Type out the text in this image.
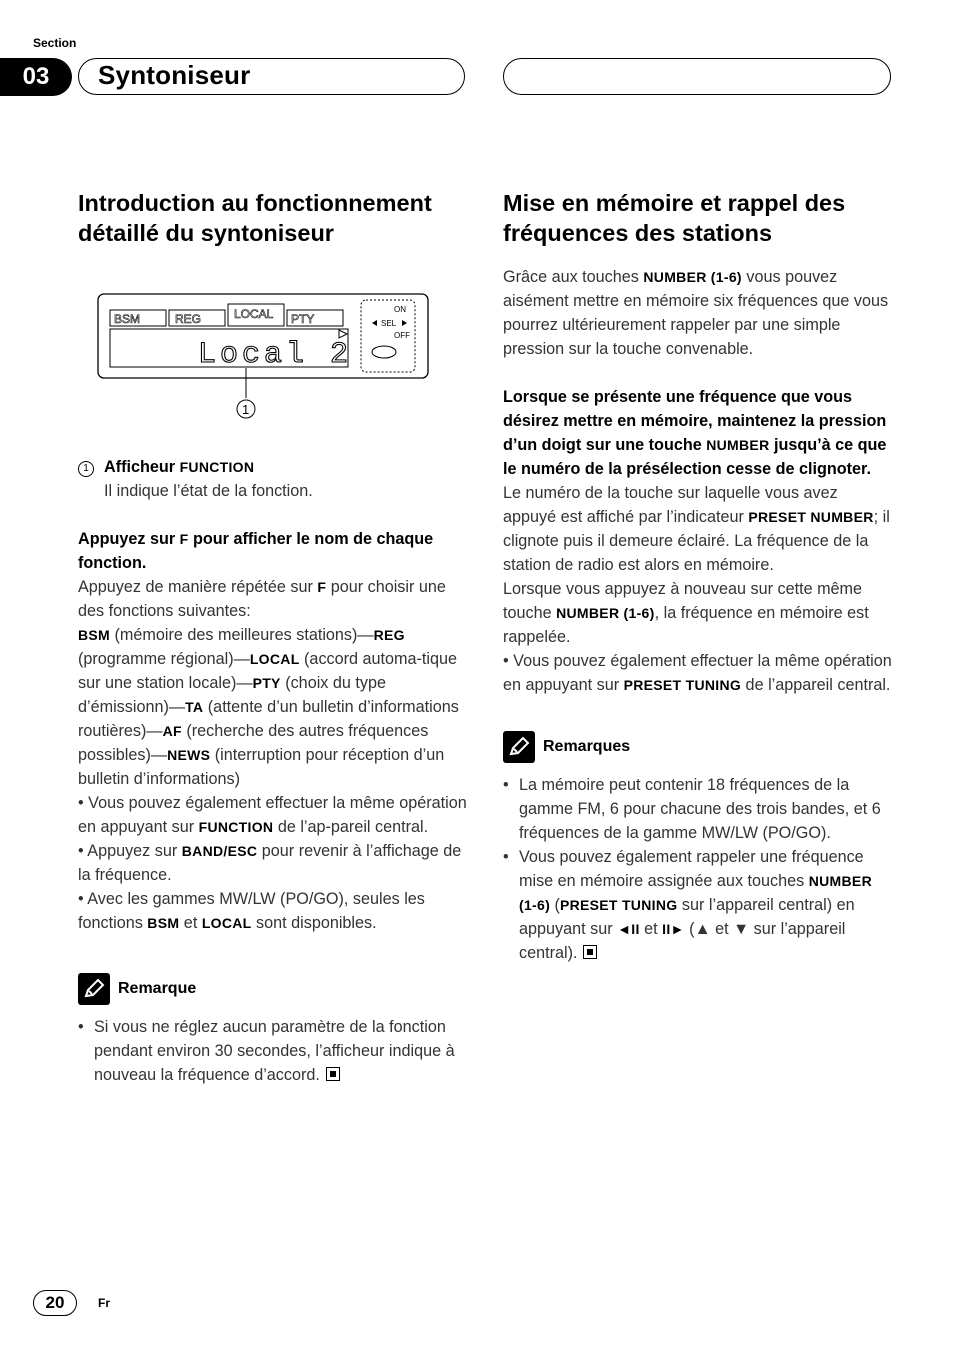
Section
03	Syntoniseur
Introduction au fonctionnement détaillé du syntoniseur
BSM	REG	LOCAL PTY
Local 2
ON
SEL
OFF
1

1 Afficheur FUNCTION

Il indique l’état de la fonction.

Appuyez sur F pour afficher le nom de chaque fonction.

Appuyez de manière répétée sur F pour choisir une des fonctions suivantes:

BSM (mémoire des meilleures stations)—REG (programme régional)—LOCAL (accord automa-tique sur une station locale)—PTY (choix du type d’émissionn)—TA (attente d’un bulletin d’informations routières)—AF (recherche des autres fréquences possibles)—NEWS (interruption pour réception d’un bulletin d’informations)

• Vous pouvez également effectuer la même opération en appuyant sur FUNCTION de l’ap-pareil central.

• Appuyez sur BAND/ESC pour revenir à l’affichage de la fréquence.

• Avec les gammes MW/LW (PO/GO), seules les fonctions BSM et LOCAL sont disponibles.

Remarque

• Si vous ne réglez aucun paramètre de la fonction pendant environ 30 secondes, l’afficheur indique à nouveau la fréquence d’accord.

Mise en mémoire et rappel des fréquences des stations

Grâce aux touches NUMBER (1-6) vous pouvez aisément mettre en mémoire six fréquences que vous pourrez ultérieurement rappeler par une simple pression sur la touche convenable.

Lorsque se présente une fréquence que vous désirez mettre en mémoire, maintenez la pression d’un doigt sur une touche NUMBER jusqu’à ce que le numéro de la présélection cesse de clignoter.

Le numéro de la touche sur laquelle vous avez appuyé est affiché par l’indicateur PRESET NUMBER; il clignote puis il demeure éclairé. La fréquence de la station de radio est alors en mémoire.

Lorsque vous appuyez à nouveau sur cette même touche NUMBER (1-6), la fréquence en mémoire est rappelée.

• Vous pouvez également effectuer la même opération en appuyant sur PRESET TUNING de l’appareil central.

Remarques

• La mémoire peut contenir 18 fréquences de la gamme FM, 6 pour chacune des trois bandes, et 6 fréquences de la gamme MW/LW (PO/GO).

• Vous pouvez également rappeler une fréquence mise en mémoire assignée aux touches NUMBER (1-6) (PRESET TUNING sur l’appareil central) en appuyant sur ◄II et II► (▲ et ▼ sur l’appareil central).

20	Fr
